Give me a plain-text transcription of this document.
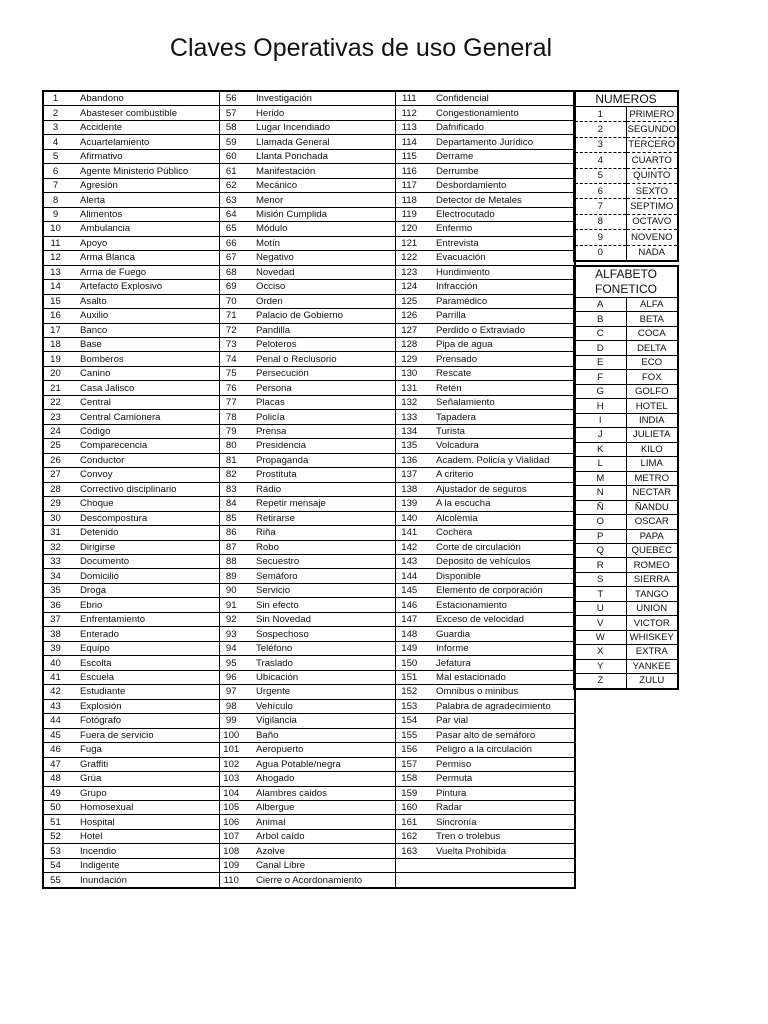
Claves Operativas de uso General
1	Abandono	56	Investigación	111	Confidencial
2	Abasteser combustible	57	Herido	112	Congestionamiento
3	Accidente	58	Lugar Incendiado	113	Dafnificado
4	Acuartelamiento	59	Llamada General	114	Departamento Jurídico
5	Afirmativo	60	Llanta Ponchada	115	Derrame
6	Agente Ministerio Público	61	Manifestación	116	Derrumbe
7	Agresión	62	Mecánico	117	Desbordamiento
8	Alerta	63	Menor	118	Detector de Metales
9	Alimentos	64	Misión Cumplida	119	Electrocutado
10	Ambulancia	65	Módulo	120	Enfermo
11	Apoyo	66	Motín	121	Entrevista
12	Arma Blanca	67	Negativo	122	Evacuación
13	Arma de Fuego	68	Novedad	123	Hundimiento
14	Artefacto Explosivo	69	Occiso	124	Infracción
15	Asalto	70	Orden	125	Paramédico
16	Auxilio	71	Palacio de Gobierno	126	Parrilla
17	Banco	72	Pandilla	127	Perdido o Extraviado
18	Base	73	Peloteros	128	Pipa de agua
19	Bomberos	74	Penal o Reclusorio	129	Prensado
20	Canino	75	Persecución	130	Rescate
21	Casa Jalisco	76	Persona	131	Retén
22	Central	77	Placas	132	Señalamiento
23	Central Camionera	78	Policía	133	Tapadera
24	Código	79	Prensa	134	Turista
25	Comparecencia	80	Presidencia	135	Volcadura
26	Conductor	81	Propaganda	136	Academ. Policía y Vialidad
27	Convoy	82	Prostituta	137	A criterio
28	Correctivo disciplinario	83	Rádio	138	Ajustador de seguros
29	Choque	84	Repetir mensaje	139	A la escucha
30	Descompostura	85	Retirarse	140	Alcolemia
31	Detenido	86	Riña	141	Cochera
32	Dirigirse	87	Robo	142	Corte de circulación
33	Documento	88	Secuestro	143	Deposito de vehículos
34	Domicilio	89	Semáforo	144	Disponible
35	Droga	90	Servicio	145	Elemento de corporación
36	Ebrio	91	Sin efecto	146	Estacionamiento
37	Enfrentamiento	92	Sin Novedad	147	Exceso de velocidad
38	Enterado	93	Sospechoso	148	Guardia
39	Equipo	94	Teléfono	149	Informe
40	Escolta	95	Traslado	150	Jefatura
41	Escuela	96	Ubicación	151	Mal estacionado
42	Estudiante	97	Urgente	152	Omnibus o minibus
43	Explosión	98	Vehículo	153	Palabra de agradecimiento
44	Fotógrafo	99	Vigilancia	154	Par vial
45	Fuera de servicio	100	Baño	155	Pasar alto de semáforo
46	Fuga	101	Aeropuerto	156	Peligro a la circulación
47	Graffiti	102	Agua Potable/negra	157	Permiso
48	Grúa	103	Ahogado	158	Permuta
49	Grupo	104	Alambres caidos	159	Pintura
50	Homosexual	105	Albergue	160	Radar
51	Hospital	106	Animal	161	Sincronía
52	Hotel	107	Arbol caído	162	Tren o trolebus
53	Incendio	108	Azolve	163	Vuelta Prohibida
54	Indigente	109	Canal Libre		
55	Inundación	110	Cierre o Acordonamiento		
NUMEROS	
1	PRIMERO
2	SEGUNDO
3	TERCERO
4	CUARTO
5	QUINTO
6	SEXTO
7	SEPTIMO
8	OCTAVO
9	NOVENO
0	NADA
ALFABETO
FONETICO	

A	ALFA
B	BETA
C	COCA
D	DELTA
E	ECO
F	FOX
G	GOLFO
H	HOTEL
I	INDIA
J	JULIETA
K	KILO
L	LIMA
M	METRO
N	NECTAR
Ñ	ÑANDU
O	OSCAR
P	PAPA
Q	QUEBEC
R	ROMEO
S	SIERRA
T	TANGO
U	UNION
V	VICTOR
W	WHISKEY
X	EXTRA
Y	YANKEE
Z	ZULU
